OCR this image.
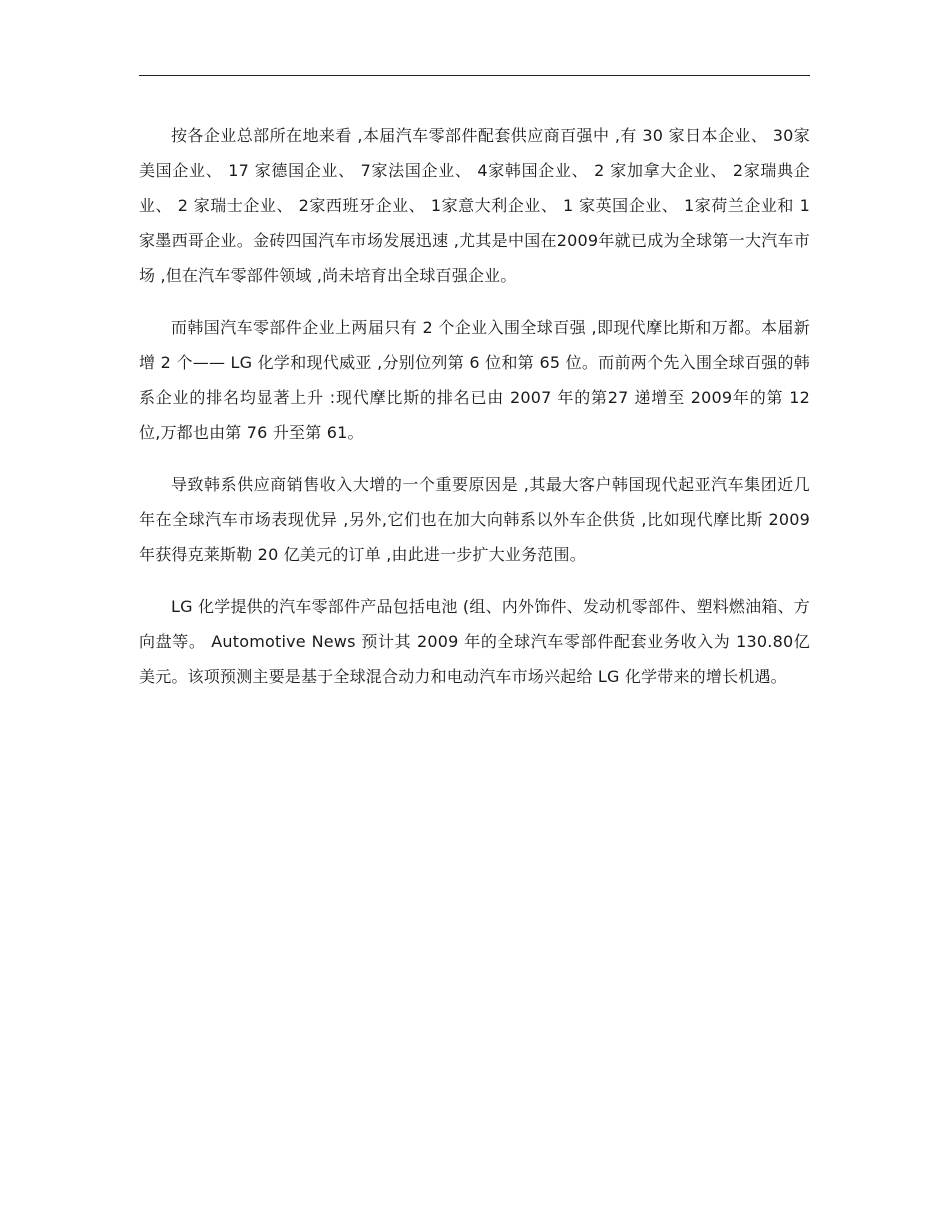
按各企业总部所在地来看 ,本届汽车零部件配套供应商百强中 ,有 30 家日本企业、 30家美国企业、 17 家德国企业、 7家法国企业、 4家韩国企业、 2 家加拿大企业、 2家瑞典企业、 2 家瑞士企业、 2家西班牙企业、 1家意大利企业、 1 家英国企业、 1家荷兰企业和 1家墨西哥企业。金砖四国汽车市场发展迅速 ,尤其是中国在2009年就已成为全球第一大汽车市场 ,但在汽车零部件领域 ,尚未培育出全球百强企业。

而韩国汽车零部件企业上两届只有 2 个企业入围全球百强 ,即现代摩比斯和万都。本届新增 2 个—— LG 化学和现代威亚 ,分别位列第 6 位和第 65 位。而前两个先入围全球百强的韩系企业的排名均显著上升 :现代摩比斯的排名已由 2007 年的第27 递增至 2009年的第 12 位,万都也由第 76 升至第 61。

导致韩系供应商销售收入大增的一个重要原因是 ,其最大客户韩国现代起亚汽车集团近几年在全球汽车市场表现优异 ,另外,它们也在加大向韩系以外车企供货 ,比如现代摩比斯 2009 年获得克莱斯勒 20 亿美元的订单 ,由此进一步扩大业务范围。

LG 化学提供的汽车零部件产品包括电池 (组、内外饰件、发动机零部件、塑料燃油箱、方向盘等。 Automotive News 预计其 2009 年的全球汽车零部件配套业务收入为 130.80亿美元。该项预测主要是基于全球混合动力和电动汽车市场兴起给 LG 化学带来的增长机遇。
